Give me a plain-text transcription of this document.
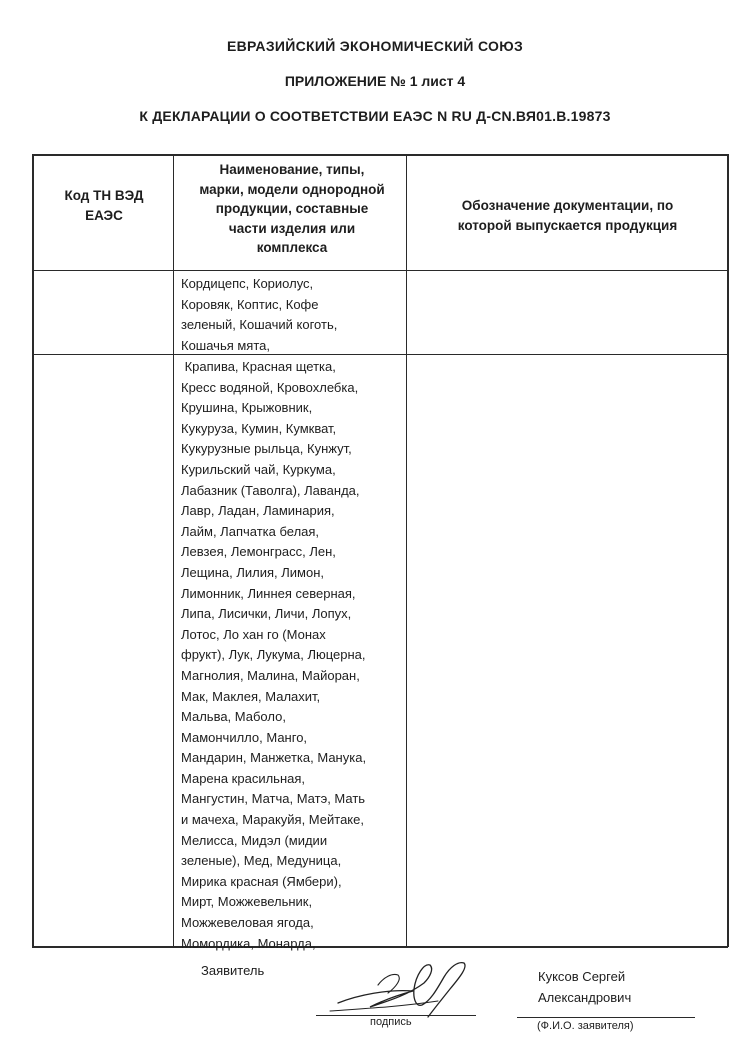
ЕВРАЗИЙСКИЙ ЭКОНОМИЧЕСКИЙ СОЮЗ
ПРИЛОЖЕНИЕ № 1 лист 4
К ДЕКЛАРАЦИИ О СООТВЕТСТВИИ ЕАЭС N RU Д-CN.ВЯ01.В.19873
Код ТН ВЭД
ЕАЭС
Наименование, типы,
марки, модели однородной
продукции, составные
части изделия или
комплекса
Обозначение документации, по
которой выпускается продукция
Кордицепс, Кориолус,
Коровяк, Коптис, Кофе
зеленый, Кошачий коготь,
Кошачья мята,
Крапива, Красная щетка,
Кресс водяной, Кровохлебка,
Крушина, Крыжовник,
Кукуруза, Кумин, Кумкват,
Кукурузные рыльца, Кунжут,
Курильский чай, Куркума,
Лабазник (Таволга), Лаванда,
Лавр, Ладан, Ламинария,
Лайм, Лапчатка белая,
Левзея, Лемонграсс, Лен,
Лещина, Лилия, Лимон,
Лимонник, Линнея северная,
Липа, Лисички, Личи, Лопух,
Лотос, Ло хан го (Монах
фрукт), Лук, Лукума, Люцерна,
Магнолия, Малина, Майоран,
Мак, Маклея, Малахит,
Мальва, Маболо,
Мамончилло, Манго,
Мандарин, Манжетка, Манука,
Марена красильная,
Мангустин, Матча, Матэ, Мать
и мачеха, Маракуйя, Мейтаке,
Мелисса, Мидэл (мидии
зеленые), Мед, Медуница,
Мирика красная (Ямбери),
Мирт, Можжевельник,
Можжевеловая ягода,
Момордика, Монарда,
Заявитель	Куксов Сергей
Александрович
подпись	(Ф.И.О. заявителя)
